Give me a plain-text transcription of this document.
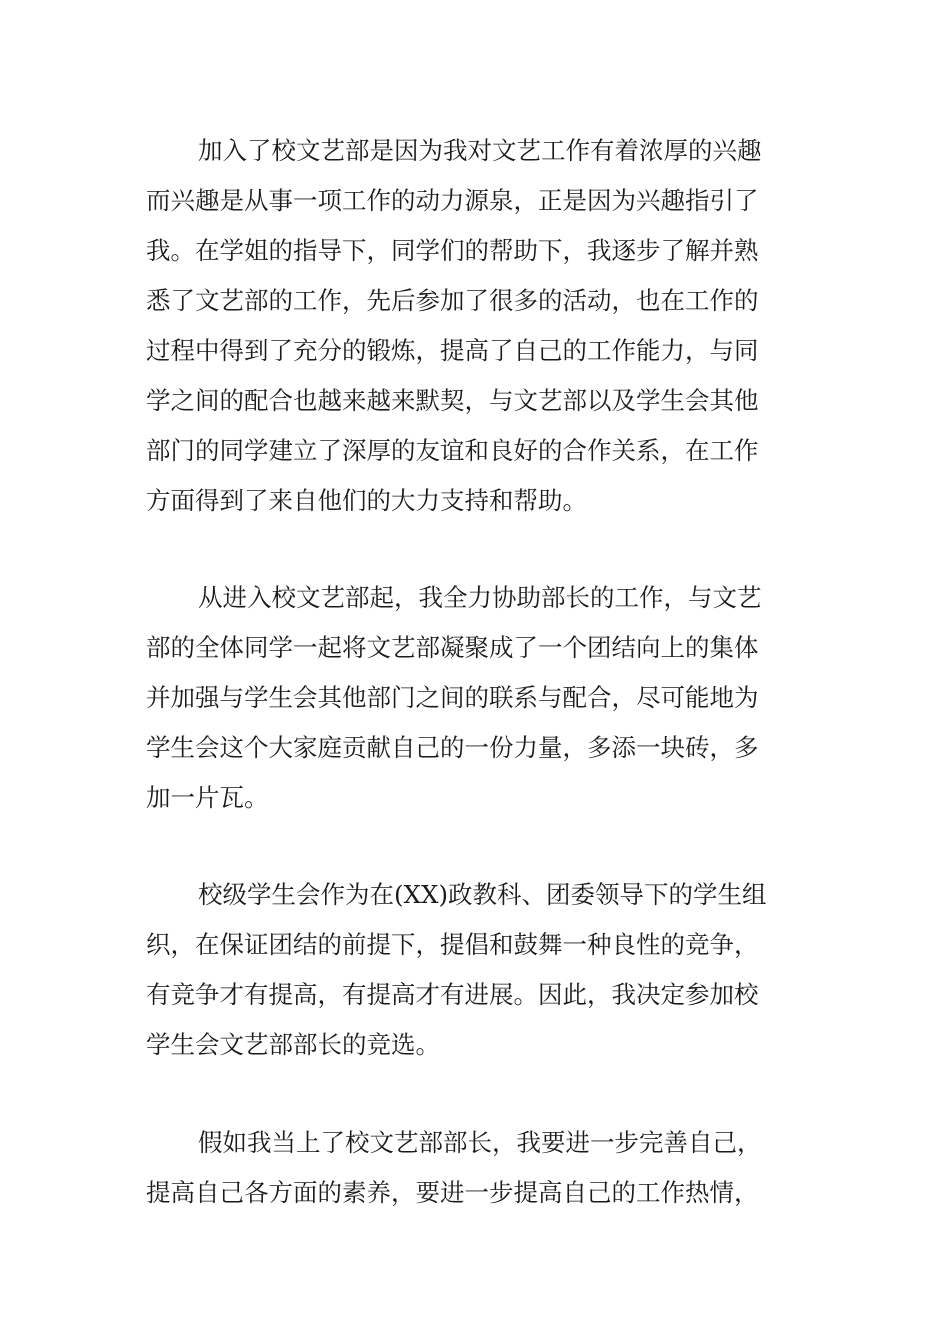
加入了校文艺部是因为我对文艺工作有着浓厚的兴趣
而兴趣是从事一项工作的动力源泉，正是因为兴趣指引了
我。在学姐的指导下，同学们的帮助下，我逐步了解并熟
悉了文艺部的工作，先后参加了很多的活动，也在工作的
过程中得到了充分的锻炼，提高了自己的工作能力，与同
学之间的配合也越来越来默契，与文艺部以及学生会其他
部门的同学建立了深厚的友谊和良好的合作关系，在工作
方面得到了来自他们的大力支持和帮助。

从进入校文艺部起，我全力协助部长的工作，与文艺
部的全体同学一起将文艺部凝聚成了一个团结向上的集体
并加强与学生会其他部门之间的联系与配合，尽可能地为
学生会这个大家庭贡献自己的一份力量，多添一块砖，多
加一片瓦。

校级学生会作为在(XX)政教科、团委领导下的学生组
织，在保证团结的前提下，提倡和鼓舞一种良性的竞争，
有竞争才有提高，有提高才有进展。因此，我决定参加校
学生会文艺部部长的竞选。

假如我当上了校文艺部部长，我要进一步完善自己，
提高自己各方面的素养，要进一步提高自己的工作热情，
